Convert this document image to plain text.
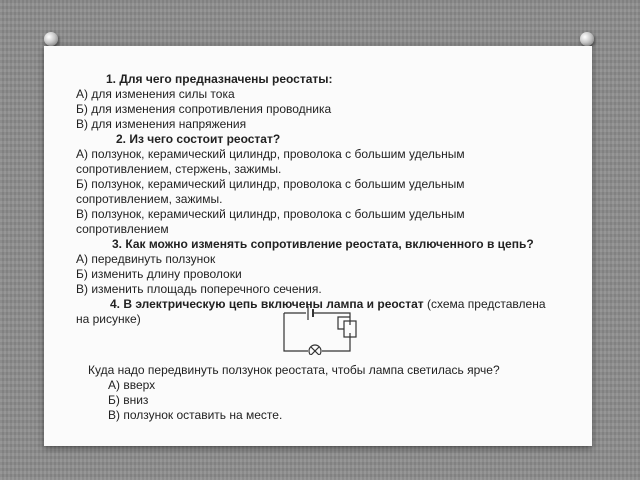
1. Для чего предназначены реостаты:
А) для изменения силы тока
Б) для изменения сопротивления проводника
В) для изменения напряжения
2. Из чего состоит реостат?
А) ползунок, керамический цилиндр, проволока с большим удельным
сопротивлением, стержень, зажимы.
Б) ползунок, керамический цилиндр, проволока с большим удельным
сопротивлением, зажимы.
В) ползунок, керамический цилиндр, проволока с большим удельным
сопротивлением
3. Как можно изменять сопротивление реостата, включенного в цепь?
А) передвинуть ползунок
Б) изменить длину проволоки
В) изменить площадь поперечного сечения.
4. В электрическую цепь включены лампа и реостат (схема представлена
на рисунке)
Куда надо передвинуть ползунок реостата, чтобы лампа светилась ярче?
А) вверх
Б) вниз
В) ползунок оставить на месте.
